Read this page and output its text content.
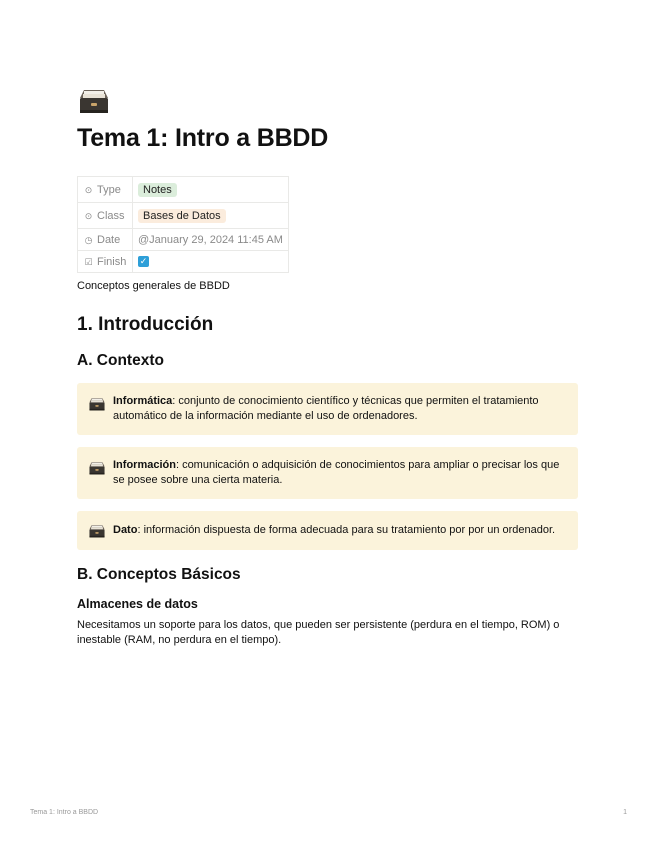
Tema 1: Intro a BBDD
⊙ Type	Notes
⊙ Class	Bases de Datos
◷ Date	@January 29, 2024 11:45 AM
☑ Finish	✓

Conceptos generales de BBDD

1. Introducción
A. Contexto

Informática: conjunto de conocimiento científico y técnicas que permiten el tratamiento automático de la información mediante el uso de ordenadores.

Información: comunicación o adquisición de conocimientos para ampliar o precisar los que se posee sobre una cierta materia.

Dato: información dispuesta de forma adecuada para su tratamiento por por un ordenador.

B. Conceptos Básicos
Almacenes de datos

Necesitamos un soporte para los datos, que pueden ser persistente (perdura en el tiempo, ROM) o inestable (RAM, no perdura en el tiempo).

Tema 1: Intro a BBDD	1
